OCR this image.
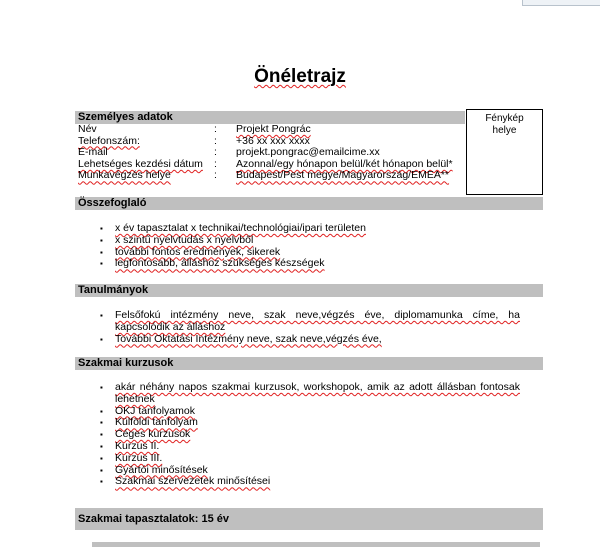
Önéletrajz
Személyes adatok	Fénykép
helye
Név	: Projekt Pongrác
Telefonszám:	: +36 xx xxx xxxx
E-mail	: projekt.pongrac@emailcime.xx
Lehetséges kezdési dátum : Azonnal/egy hónapon belül/két hónapon belül*
Munkavégzés helye	: Budapest/Pest megye/Magyarország/EMEA**
Összefoglaló
▪ x év tapasztalat x technikai/technológiai/ipari területen
▪ x szintű nyelvtudás x nyelvből
▪ további fontos eredmények, sikerek
▪ legfontosabb, álláshoz szükséges készségek
Tanulmányok
▪ Felsőfokú intézmény neve, szak neve,végzés éve, diplomamunka címe, ha kapcsolódik az álláshoz
▪ További Oktatási Intézmény neve, szak neve,végzés éve,
Szakmai kurzusok
▪ akár néhány napos szakmai kurzusok, workshopok, amik az adott állásban fontosak lehetnek
▪ OKJ tanfolyamok
▪ Külföldi tanfolyam
▪ Céges kurzusok
▪ Kurzus II.
▪ Kurzus III.
▪ Gyártói minősítések
▪ Szakmai szervezetek minősítései
Szakmai tapasztalatok: 15 év
